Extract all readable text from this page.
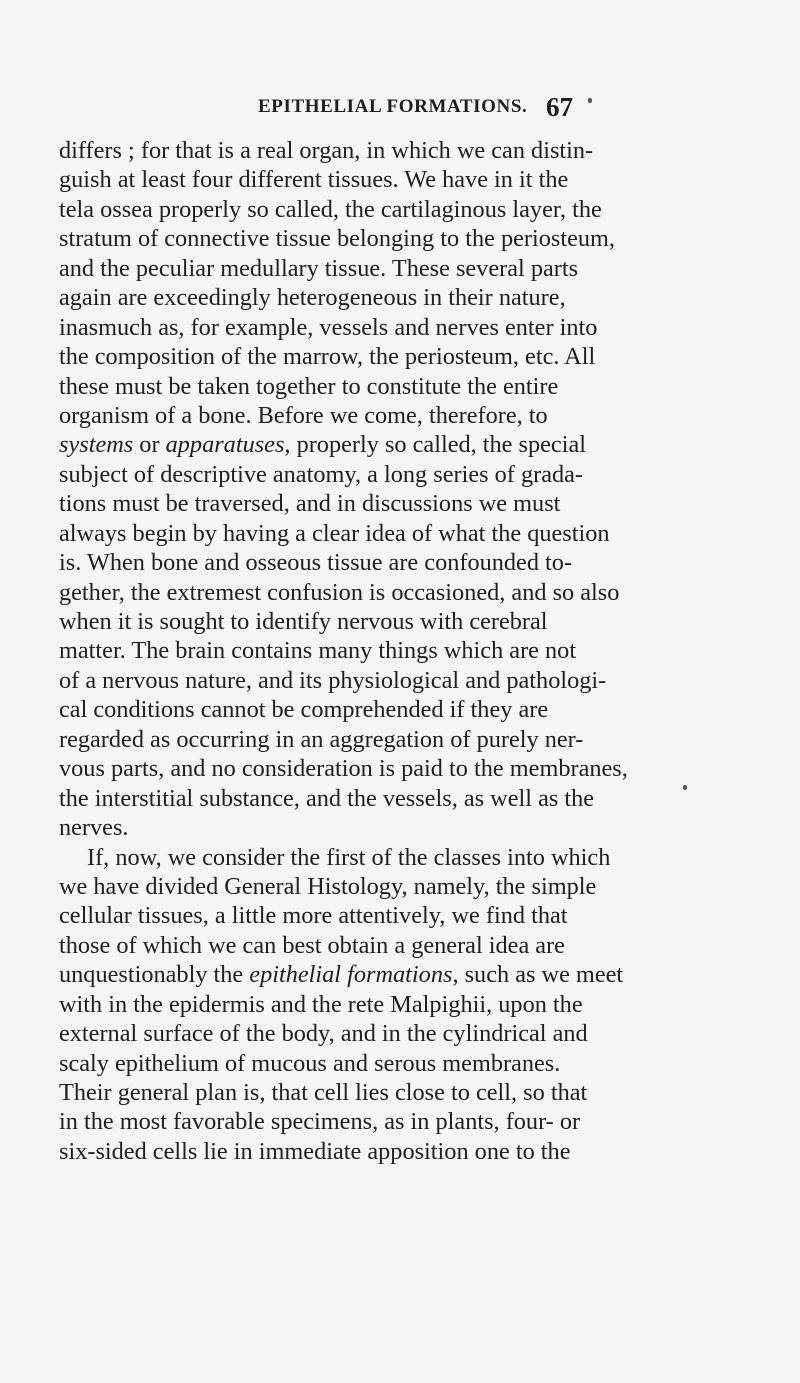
EPITHELIAL FORMATIONS. 67
differs ; for that is a real organ, in which we can distin-
guish at least four different tissues. We have in it the
tela ossea properly so called, the cartilaginous layer, the
stratum of connective tissue belonging to the periosteum,
and the peculiar medullary tissue. These several parts
again are exceedingly heterogeneous in their nature,
inasmuch as, for example, vessels and nerves enter into
the composition of the marrow, the periosteum, etc. All
these must be taken together to constitute the entire
organism of a bone. Before we come, therefore, to
systems or apparatuses, properly so called, the special
subject of descriptive anatomy, a long series of grada-
tions must be traversed, and in discussions we must
always begin by having a clear idea of what the question
is. When bone and osseous tissue are confounded to-
gether, the extremest confusion is occasioned, and so also
when it is sought to identify nervous with cerebral
matter. The brain contains many things which are not
of a nervous nature, and its physiological and pathologi-
cal conditions cannot be comprehended if they are
regarded as occurring in an aggregation of purely ner-
vous parts, and no consideration is paid to the membranes,
the interstitial substance, and the vessels, as well as the
nerves.
If, now, we consider the first of the classes into which
we have divided General Histology, namely, the simple
cellular tissues, a little more attentively, we find that
those of which we can best obtain a general idea are
unquestionably the epithelial formations, such as we meet
with in the epidermis and the rete Malpighii, upon the
external surface of the body, and in the cylindrical and
scaly epithelium of mucous and serous membranes.
Their general plan is, that cell lies close to cell, so that
in the most favorable specimens, as in plants, four- or
six-sided cells lie in immediate apposition one to the
